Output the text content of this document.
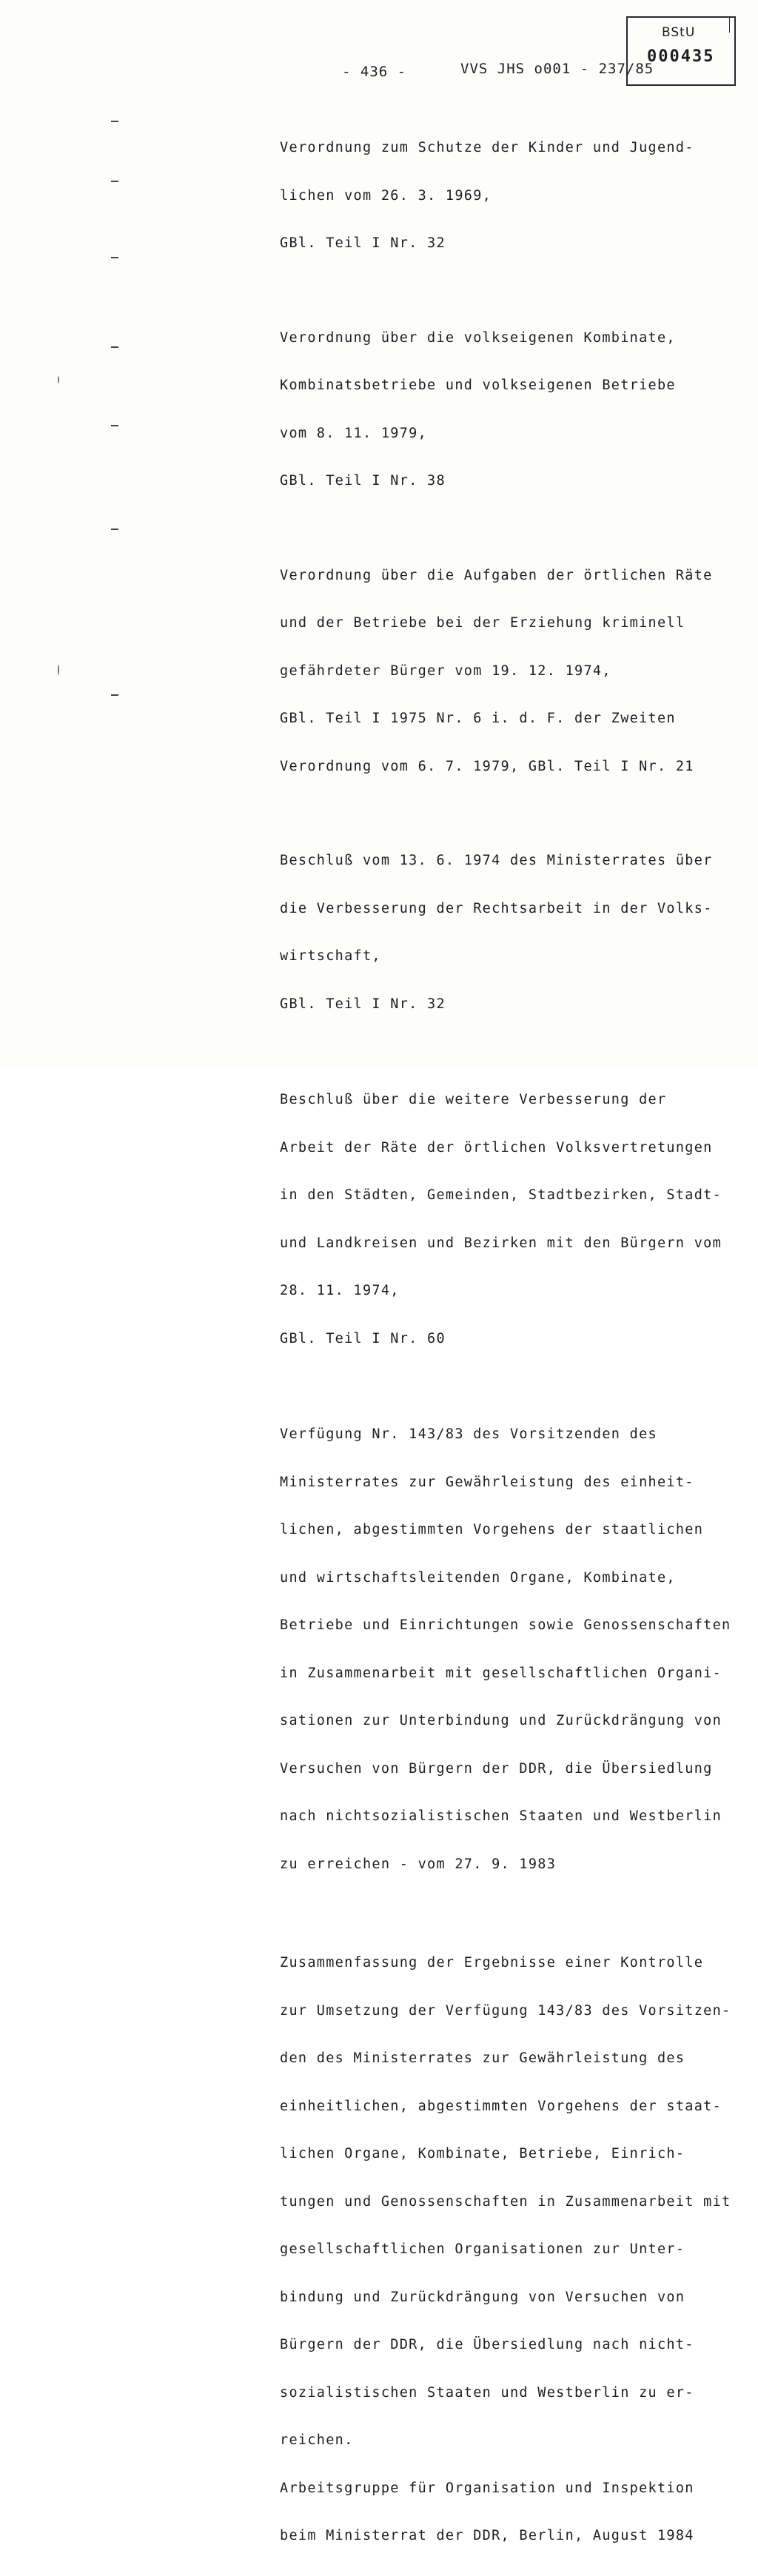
- 436 -	VVS JHS o001 - 237/85
BStU
000435

Verordnung zum Schutze der Kinder und Jugend-

lichen vom 26. 3. 1969,

GBl. Teil I Nr. 32

Verordnung über die volkseigenen Kombinate,

Kombinatsbetriebe und volkseigenen Betriebe

vom 8. 11. 1979,

GBl. Teil I Nr. 38

Verordnung über die Aufgaben der örtlichen Räte

und der Betriebe bei der Erziehung kriminell

gefährdeter Bürger vom 19. 12. 1974,

GBl. Teil I 1975 Nr. 6 i. d. F. der Zweiten

Verordnung vom 6. 7. 1979, GBl. Teil I Nr. 21

Beschluß vom 13. 6. 1974 des Ministerrates über

die Verbesserung der Rechtsarbeit in der Volks-

wirtschaft,

GBl. Teil I Nr. 32

Beschluß über die weitere Verbesserung der

Arbeit der Räte der örtlichen Volksvertretungen

in den Städten, Gemeinden, Stadtbezirken, Stadt-

und Landkreisen und Bezirken mit den Bürgern vom

28. 11. 1974,

GBl. Teil I Nr. 60

Verfügung Nr. 143/83 des Vorsitzenden des

Ministerrates zur Gewährleistung des einheit-

lichen, abgestimmten Vorgehens der staatlichen

und wirtschaftsleitenden Organe, Kombinate,

Betriebe und Einrichtungen sowie Genossenschaften

in Zusammenarbeit mit gesellschaftlichen Organi-

sationen zur Unterbindung und Zurückdrängung von

Versuchen von Bürgern der DDR, die Übersiedlung

nach nichtsozialistischen Staaten und Westberlin

zu erreichen - vom 27. 9. 1983

Zusammenfassung der Ergebnisse einer Kontrolle

zur Umsetzung der Verfügung 143/83 des Vorsitzen-

den des Ministerrates zur Gewährleistung des

einheitlichen, abgestimmten Vorgehens der staat-

lichen Organe, Kombinate, Betriebe, Einrich-

tungen und Genossenschaften in Zusammenarbeit mit

gesellschaftlichen Organisationen zur Unter-

bindung und Zurückdrängung von Versuchen von

Bürgern der DDR, die Übersiedlung nach nicht-

sozialistischen Staaten und Westberlin zu er-

reichen.

Arbeitsgruppe für Organisation und Inspektion

beim Ministerrat der DDR, Berlin, August 1984
